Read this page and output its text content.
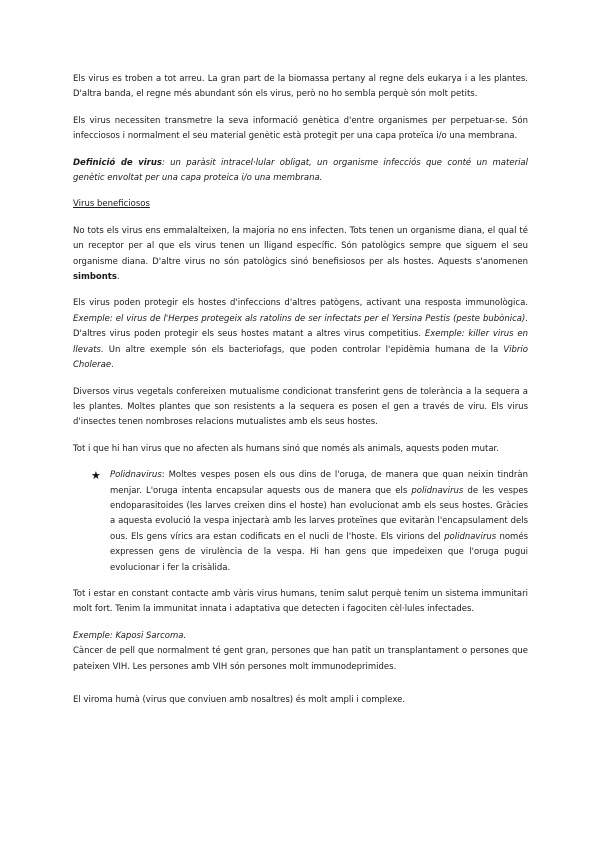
Els virus es troben a tot arreu. La gran part de la biomassa pertany al regne dels eukarya i a les plantes. D'altra banda, el regne més abundant són els virus, però no ho sembla perquè són molt petits.

Els virus necessiten transmetre la seva informació genètica d'entre organismes per perpetuar-se. Són infecciosos i normalment el seu material genètic està protegit per una capa proteïca i/o una membrana.

Definició de virus: un paràsit intracel·lular obligat, un organisme infecciós que conté un material genètic envoltat per una capa proteica i/o una membrana.

Virus beneficiosos

No tots els virus ens emmalalteixen, la majoria no ens infecten. Tots tenen un organisme diana, el qual té un receptor per al que els virus tenen un lligand específic. Són patològics sempre que siguem el seu organisme diana. D'altre virus no són patològics sinó benefisiosos per als hostes. Aquests s'anomenen simbonts.

Els virus poden protegir els hostes d'infeccions d'altres patògens, activant una resposta immunològica. Exemple: el virus de l'Herpes protegeix als ratolins de ser infectats per el Yersina Pestis (peste bubònica). D'altres virus poden protegir els seus hostes matant a altres virus competitius. Exemple: killer virus en llevats. Un altre exemple són els bacteriofags, que poden controlar l'epidèmia humana de la Vibrio Cholerae.

Diversos virus vegetals confereixen mutualisme condicionat transferint gens de tolerància a la sequera a les plantes. Moltes plantes que son resistents a la sequera es posen el gen a través de viru. Els virus d'insectes tenen nombroses relacions mutualistes amb els seus hostes.

Tot i que hi han virus que no afecten als humans sinó que només als animals, aquests poden mutar.

★ Polidnavirus: Moltes vespes posen els ous dins de l'oruga, de manera que quan neixin tindràn menjar. L'oruga intenta encapsular aquests ous de manera que els polidnavirus de les vespes endoparasitoides (les larves creixen dins el hoste) han evolucionat amb els seus hostes. Gràcies a aquesta evolució la vespa injectarà amb les larves proteïnes que evitaràn l'encapsulament dels ous. Els gens vírics ara estan codificats en el nucli de l'hoste. Els virions del polidnavirus només expressen gens de virulència de la vespa. Hi han gens que impedeixen que l'oruga pugui evolucionar i fer la crisàlida.

Tot i estar en constant contacte amb vàris virus humans, tenim salut perquè tenim un sistema immunitari molt fort. Tenim la immunitat innata i adaptativa que detecten i fagociten cèl·lules infectades.

Exemple: Kaposi Sarcoma.

Càncer de pell que normalment té gent gran, persones que han patit un transplantament o persones que pateixen VIH. Les persones amb VIH són persones molt immunodeprimides.

El viroma humà (virus que conviuen amb nosaltres) és molt ampli i complexe.
